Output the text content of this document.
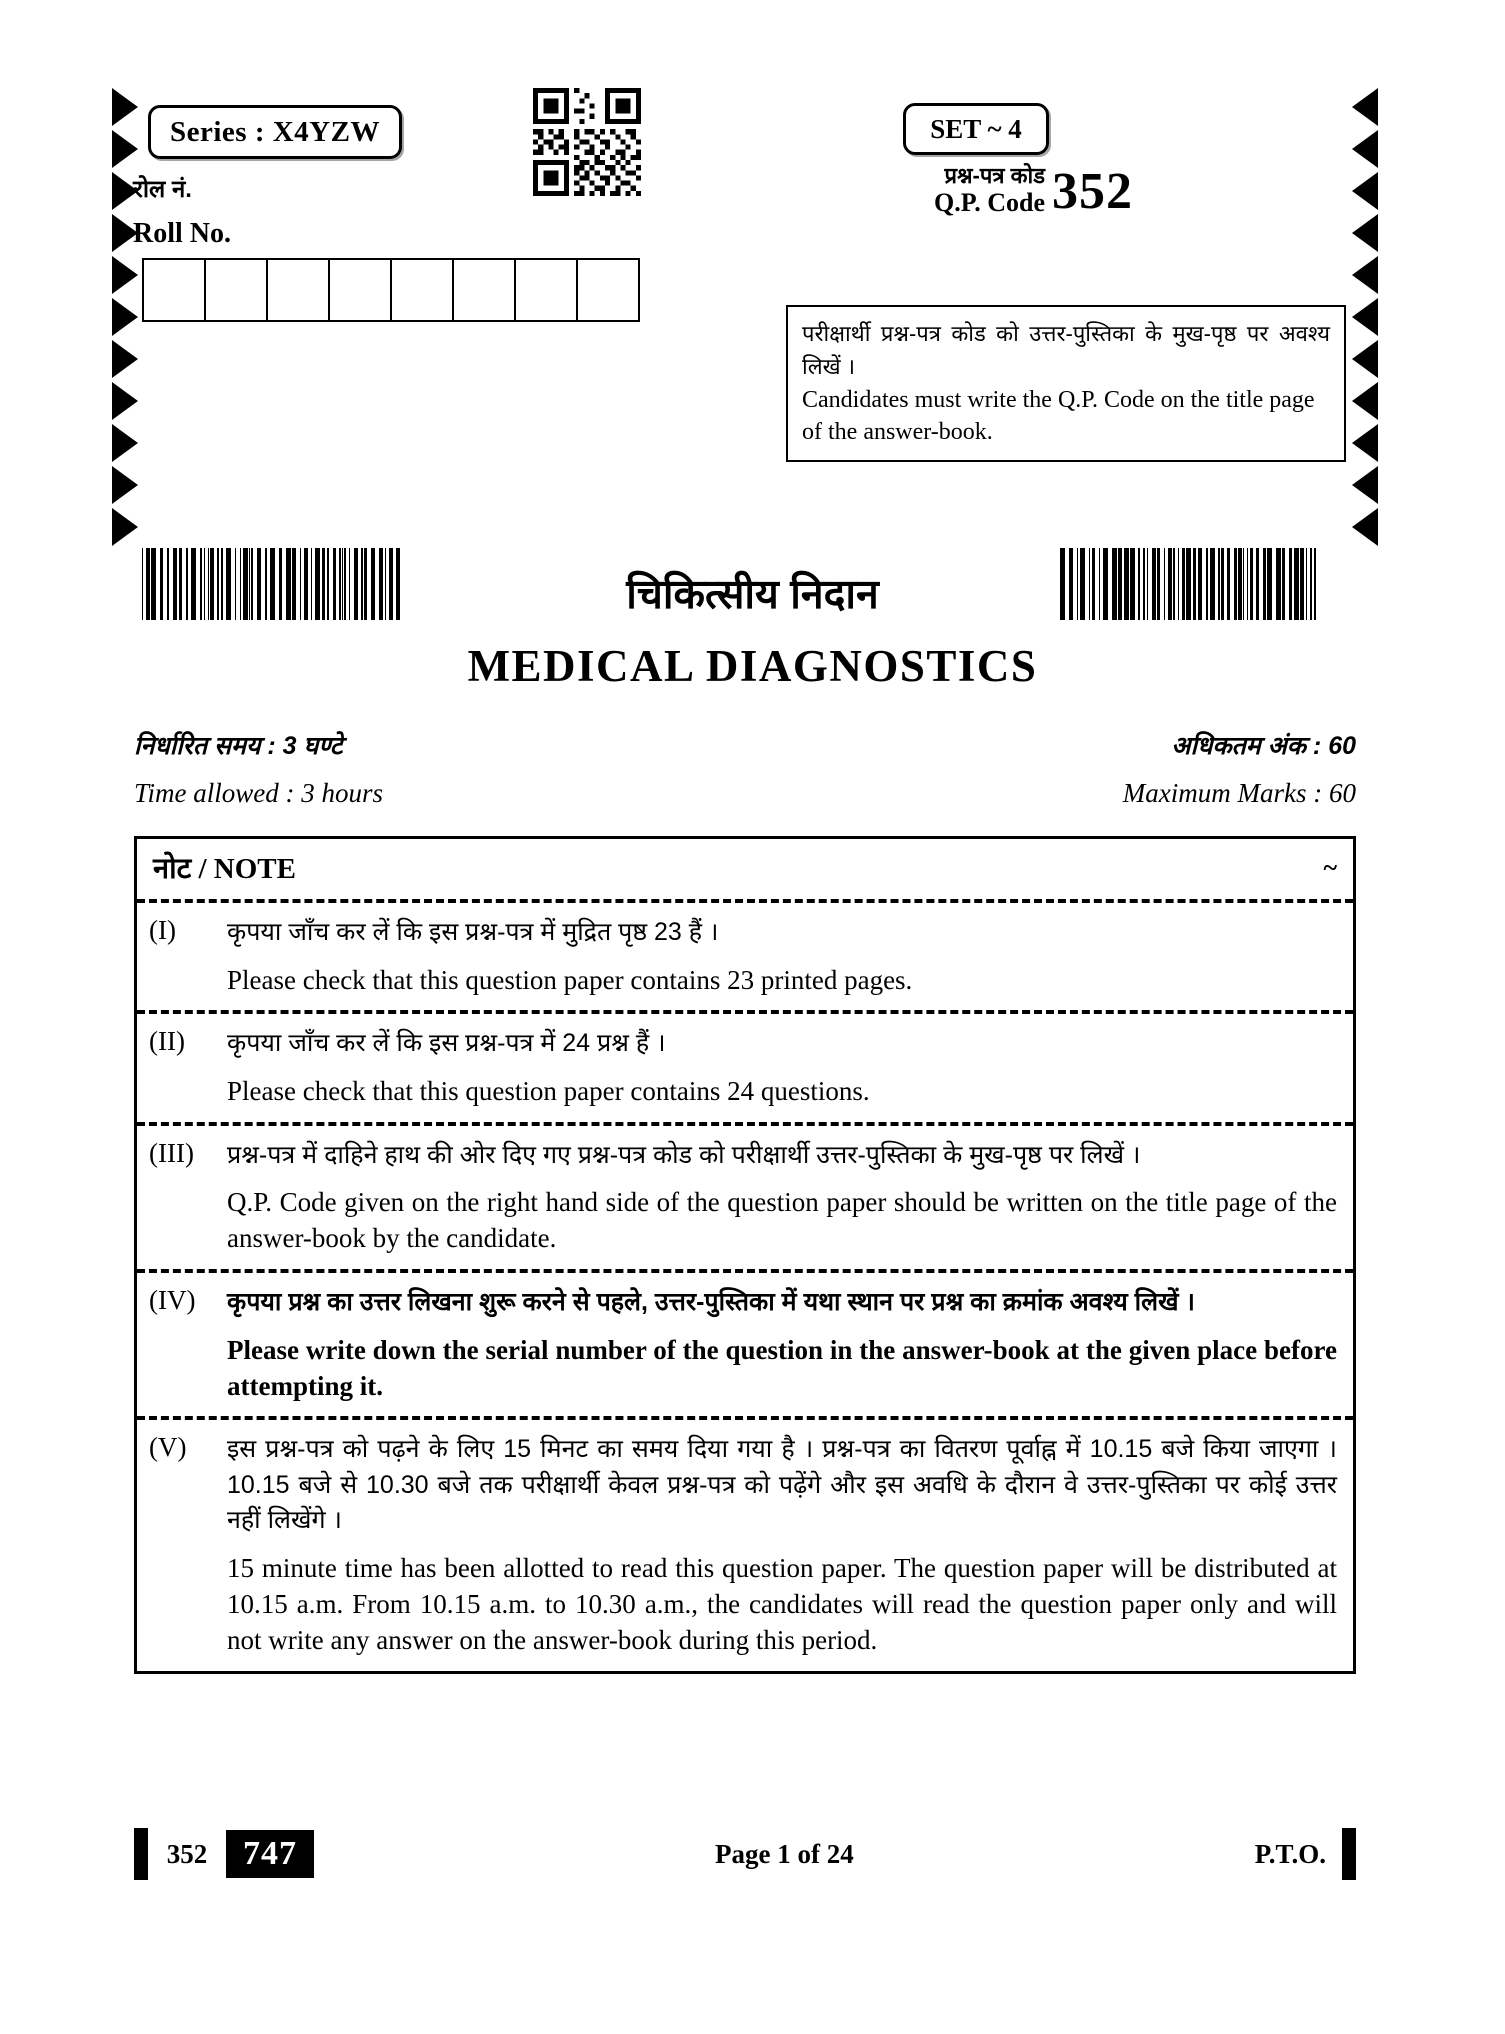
Series : X4YZW
रोल नं.
Roll No.
SET ~ 4
प्रश्न-पत्र कोड
Q.P. Code 352
परीक्षार्थी प्रश्न-पत्र कोड को उत्तर-पुस्तिका के मुख-पृष्ठ पर अवश्य लिखें ।
Candidates must write the Q.P. Code on the title page of the answer-book.
चिकित्सीय निदान
MEDICAL DIAGNOSTICS
निर्धारित समय : 3 घण्टे	अधिकतम अंक : 60
Time allowed : 3 hours	Maximum Marks : 60
नोट / NOTE	~
(I)	कृपया जाँच कर लें कि इस प्रश्न-पत्र में मुद्रित पृष्ठ 23 हैं ।
Please check that this question paper contains 23 printed pages.
(II)	कृपया जाँच कर लें कि इस प्रश्न-पत्र में 24 प्रश्न हैं ।
Please check that this question paper contains 24 questions.
(III)	प्रश्न-पत्र में दाहिने हाथ की ओर दिए गए प्रश्न-पत्र कोड को परीक्षार्थी उत्तर-पुस्तिका के मुख-पृष्ठ पर लिखें ।
Q.P. Code given on the right hand side of the question paper should be written on the title page of the answer-book by the candidate.
(IV)	कृपया प्रश्न का उत्तर लिखना शुरू करने से पहले, उत्तर-पुस्तिका में यथा स्थान पर प्रश्न का क्रमांक अवश्य लिखें ।
Please write down the serial number of the question in the answer-book at the given place before attempting it.
(V)	इस प्रश्न-पत्र को पढ़ने के लिए 15 मिनट का समय दिया गया है । प्रश्न-पत्र का वितरण पूर्वाह्न में 10.15 बजे किया जाएगा । 10.15 बजे से 10.30 बजे तक परीक्षार्थी केवल प्रश्न-पत्र को पढ़ेंगे और इस अवधि के दौरान वे उत्तर-पुस्तिका पर कोई उत्तर नहीं लिखेंगे ।
15 minute time has been allotted to read this question paper. The question paper will be distributed at 10.15 a.m. From 10.15 a.m. to 10.30 a.m., the candidates will read the question paper only and will not write any answer on the answer-book during this period.
352	747	Page 1 of 24	P.T.O.
